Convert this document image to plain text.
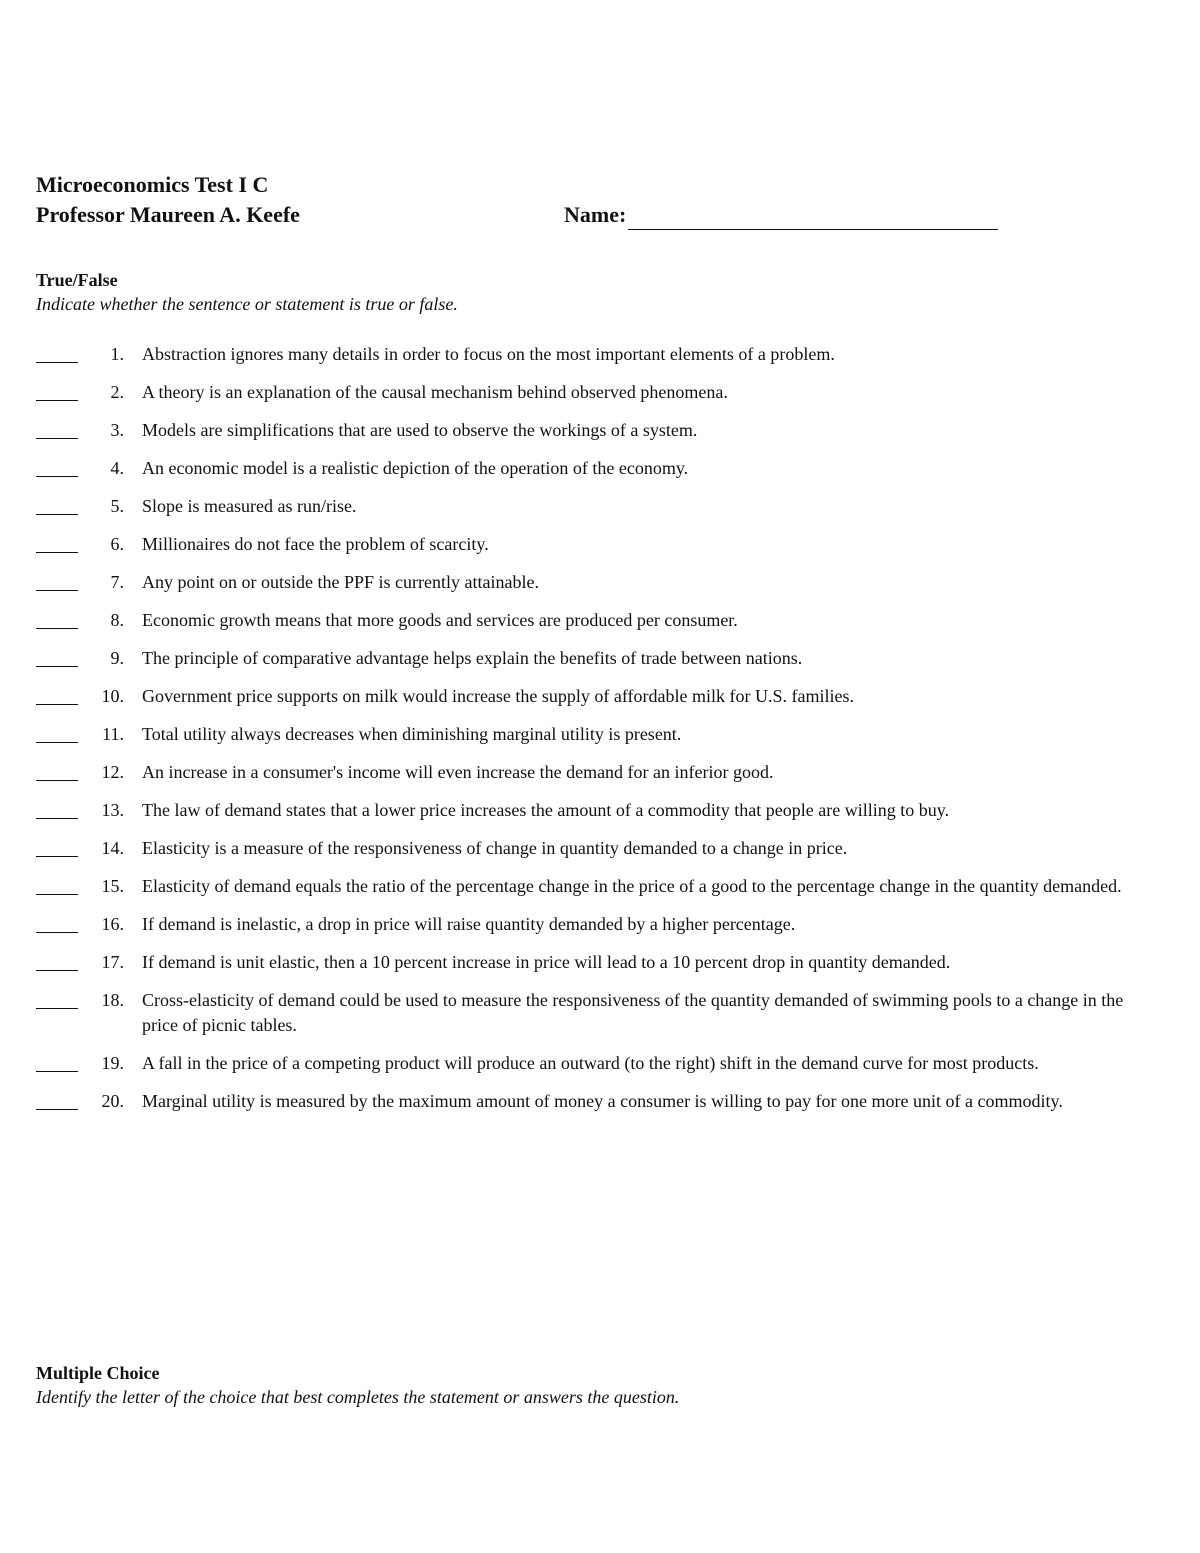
Microeconomics Test I C
Professor Maureen A. Keefe	Name:
True/False
Indicate whether the sentence or statement is true or false.
1. Abstraction ignores many details in order to focus on the most important elements of a problem.
2. A theory is an explanation of the causal mechanism behind observed phenomena.
3. Models are simplifications that are used to observe the workings of a system.
4. An economic model is a realistic depiction of the operation of the economy.
5. Slope is measured as run/rise.
6. Millionaires do not face the problem of scarcity.
7. Any point on or outside the PPF is currently attainable.
8. Economic growth means that more goods and services are produced per consumer.
9. The principle of comparative advantage helps explain the benefits of trade between nations.
10. Government price supports on milk would increase the supply of affordable milk for U.S. families.
11. Total utility always decreases when diminishing marginal utility is present.
12. An increase in a consumer's income will even increase the demand for an inferior good.
13. The law of demand states that a lower price increases the amount of a commodity that people are willing to buy.
14. Elasticity is a measure of the responsiveness of change in quantity demanded to a change in price.
15. Elasticity of demand equals the ratio of the percentage change in the price of a good to the percentage change in the quantity demanded.
16. If demand is inelastic, a drop in price will raise quantity demanded by a higher percentage.
17. If demand is unit elastic, then a 10 percent increase in price will lead to a 10 percent drop in quantity demanded.
18. Cross-elasticity of demand could be used to measure the responsiveness of the quantity demanded of swimming pools to a change in the price of picnic tables.
19. A fall in the price of a competing product will produce an outward (to the right) shift in the demand curve for most products.
20. Marginal utility is measured by the maximum amount of money a consumer is willing to pay for one more unit of a commodity.
Multiple Choice
Identify the letter of the choice that best completes the statement or answers the question.
